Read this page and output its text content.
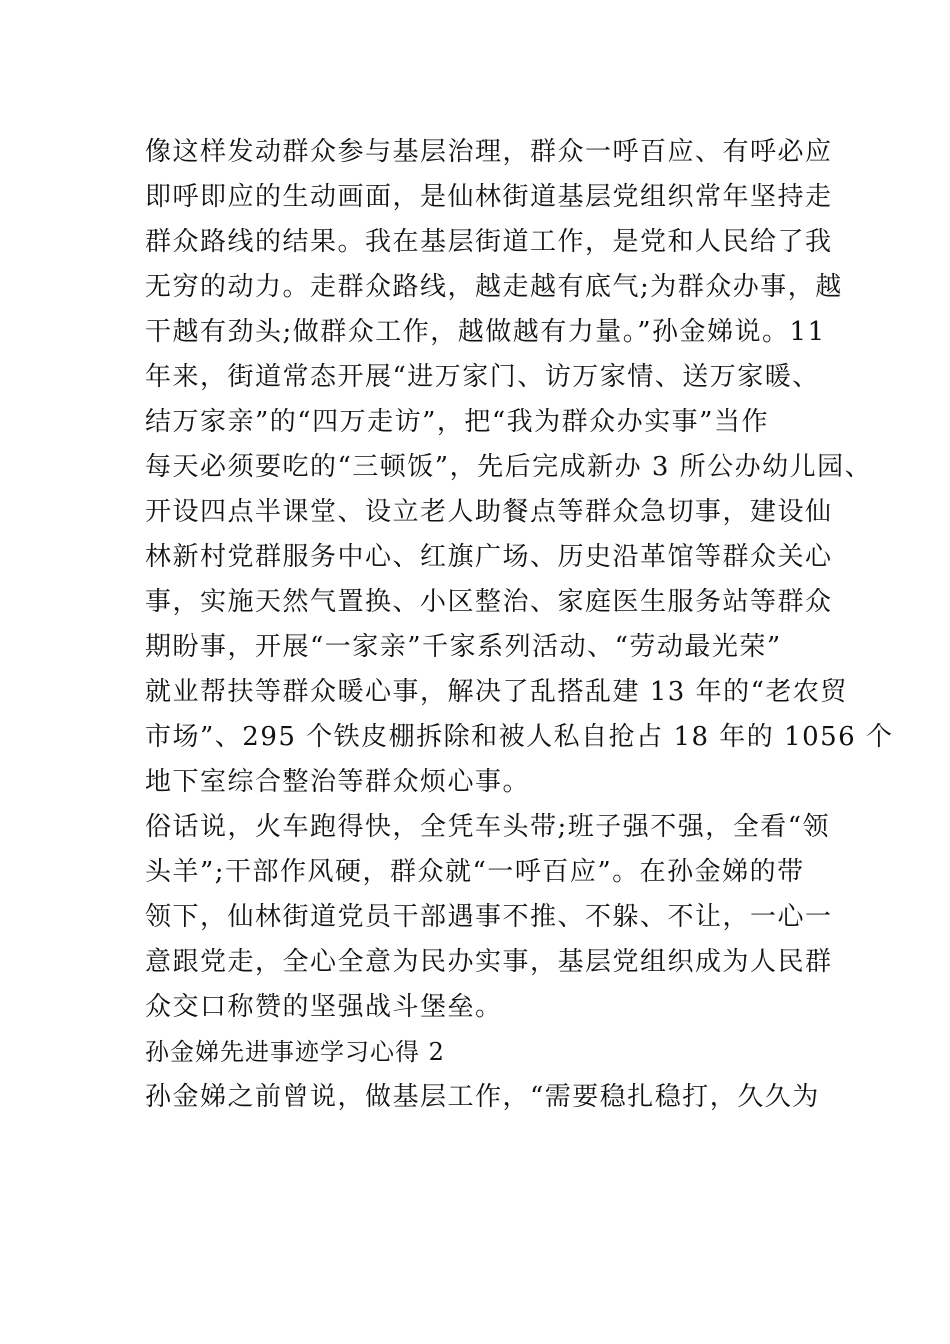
像这样发动群众参与基层治理，群众一呼百应、有呼必应
即呼即应的生动画面，是仙林街道基层党组织常年坚持走
群众路线的结果。我在基层街道工作，是党和人民给了我
无穷的动力。走群众路线，越走越有底气;为群众办事，越
干越有劲头;做群众工作，越做越有力量。”孙金娣说。11
年来，街道常态开展“进万家门、访万家情、送万家暖、
结万家亲”的“四万走访”，把“我为群众办实事”当作
每天必须要吃的“三顿饭”，先后完成新办 3 所公办幼儿园、
开设四点半课堂、设立老人助餐点等群众急切事，建设仙
林新村党群服务中心、红旗广场、历史沿革馆等群众关心
事，实施天然气置换、小区整治、家庭医生服务站等群众
期盼事，开展“一家亲”千家系列活动、“劳动最光荣”
就业帮扶等群众暖心事，解决了乱搭乱建 13 年的“老农贸
市场”、295 个铁皮棚拆除和被人私自抢占 18 年的 1056 个
地下室综合整治等群众烦心事。
俗话说，火车跑得快，全凭车头带;班子强不强，全看“领
头羊”;干部作风硬，群众就“一呼百应”。在孙金娣的带
领下，仙林街道党员干部遇事不推、不躲、不让，一心一
意跟党走，全心全意为民办实事，基层党组织成为人民群
众交口称赞的坚强战斗堡垒。
孙金娣先进事迹学习心得 2
孙金娣之前曾说，做基层工作，“需要稳扎稳打，久久为
